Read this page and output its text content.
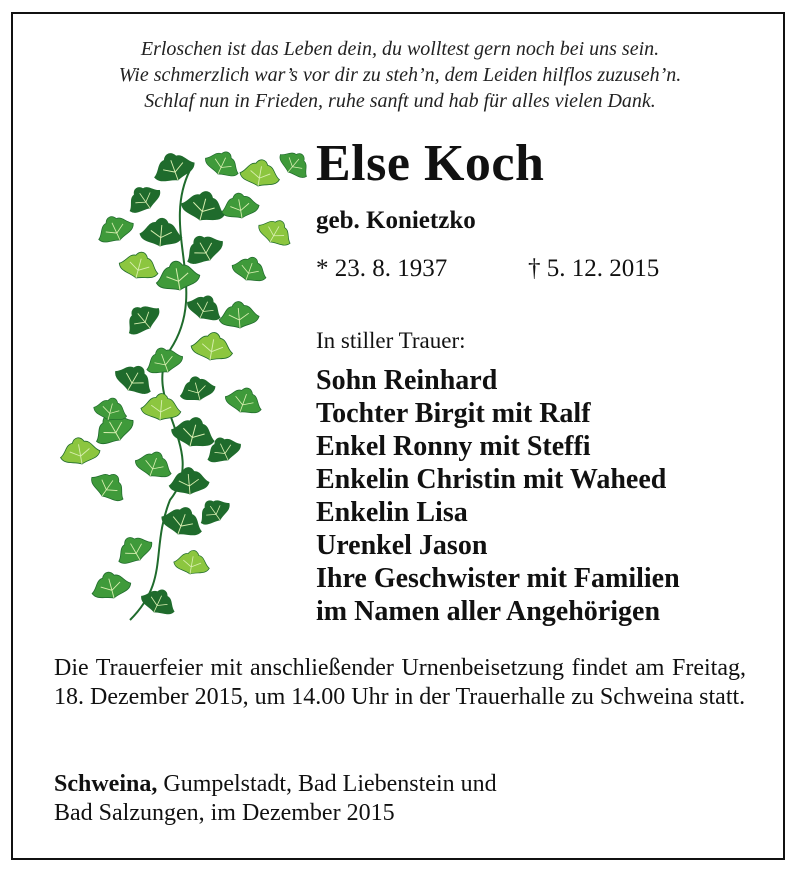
Erloschen ist das Leben dein, du wolltest gern noch bei uns sein.
Wie schmerzlich war’s vor dir zu steh’n, dem Leiden hilflos zuzuseh’n.
Schlaf nun in Frieden, ruhe sanft und hab für alles vielen Dank.
Else Koch
geb. Konietzko
* 23. 8. 1937	† 5. 12. 2015
In stiller Trauer:
Sohn Reinhard
Tochter Birgit mit Ralf
Enkel Ronny mit Steffi
Enkelin Christin mit Waheed
Enkelin Lisa
Urenkel Jason
Ihre Geschwister mit Familien
im Namen aller Angehörigen
Die Trauerfeier mit anschließender Urnenbeisetzung findet am Freitag, 18. Dezember 2015, um 14.00 Uhr in der Trauerhalle zu Schweina statt.
Schweina, Gumpelstadt, Bad Liebenstein und
Bad Salzungen, im Dezember 2015
